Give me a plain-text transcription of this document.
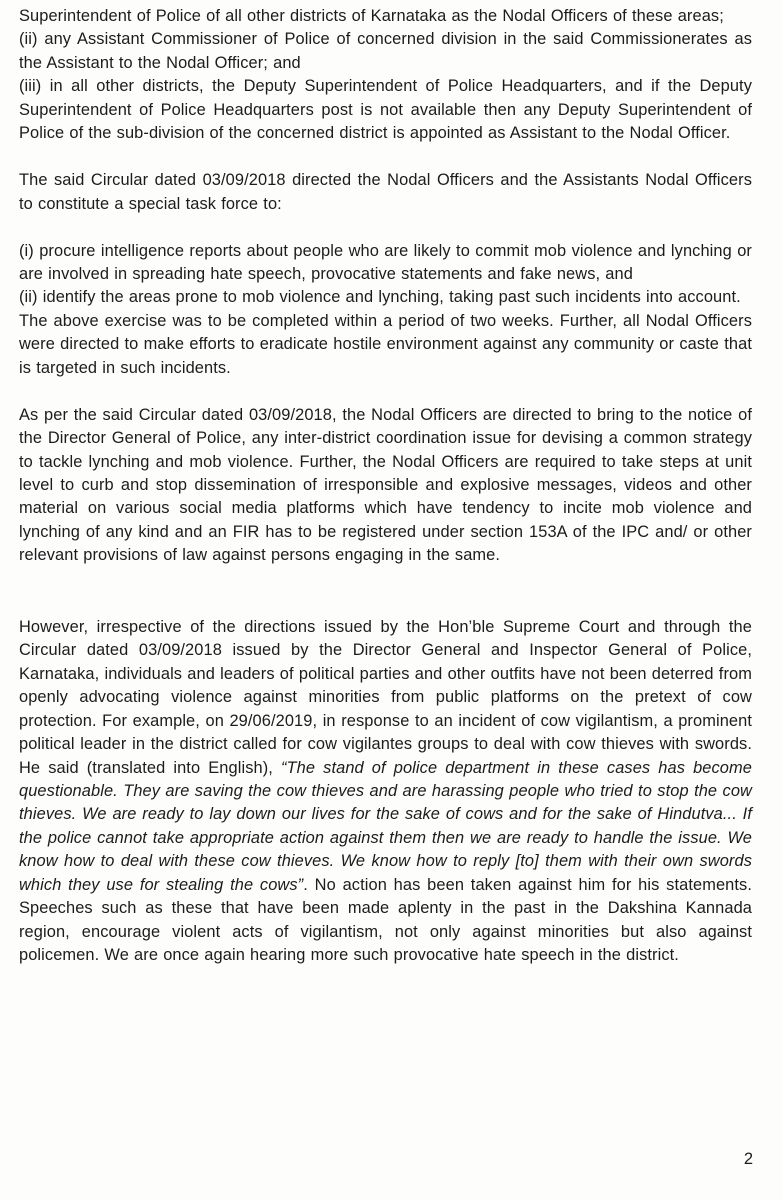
Superintendent of Police of all other districts of Karnataka as the Nodal Officers of these areas;

(ii) any Assistant Commissioner of Police of concerned division in the said Commissionerates as the Assistant to the Nodal Officer; and

(iii) in all other districts, the Deputy Superintendent of Police Headquarters, and if the Deputy Superintendent of Police Headquarters post is not available then any Deputy Superintendent of Police of the sub-division of the concerned district is appointed as Assistant to the Nodal Officer.

The said Circular dated 03/09/2018 directed the Nodal Officers and the Assistants Nodal Officers to constitute a special task force to:

(i) procure intelligence reports about people who are likely to commit mob violence and lynching or are involved in spreading hate speech, provocative statements and fake news, and

(ii) identify the areas prone to mob violence and lynching, taking past such incidents into account.

The above exercise was to be completed within a period of two weeks. Further, all Nodal Officers were directed to make efforts to eradicate hostile environment against any community or caste that is targeted in such incidents.

As per the said Circular dated 03/09/2018, the Nodal Officers are directed to bring to the notice of the Director General of Police, any inter-district coordination issue for devising a common strategy to tackle lynching and mob violence. Further, the Nodal Officers are required to take steps at unit level to curb and stop dissemination of irresponsible and explosive messages, videos and other material on various social media platforms which have tendency to incite mob violence and lynching of any kind and an FIR has to be registered under section 153A of the IPC and/ or other relevant provisions of law against persons engaging in the same.

However, irrespective of the directions issued by the Hon’ble Supreme Court and through the Circular dated 03/09/2018 issued by the Director General and Inspector General of Police, Karnataka, individuals and leaders of political parties and other outfits have not been deterred from openly advocating violence against minorities from public platforms on the pretext of cow protection. For example, on 29/06/2019, in response to an incident of cow vigilantism, a prominent political leader in the district called for cow vigilantes groups to deal with cow thieves with swords. He said (translated into English), “The stand of police department in these cases has become questionable. They are saving the cow thieves and are harassing people who tried to stop the cow thieves. We are ready to lay down our lives for the sake of cows and for the sake of Hindutva... If the police cannot take appropriate action against them then we are ready to handle the issue. We know how to deal with these cow thieves. We know how to reply [to] them with their own swords which they use for stealing the cows”. No action has been taken against him for his statements. Speeches such as these that have been made aplenty in the past in the Dakshina Kannada region, encourage violent acts of vigilantism, not only against minorities but also against policemen. We are once again hearing more such provocative hate speech in the district.

2
